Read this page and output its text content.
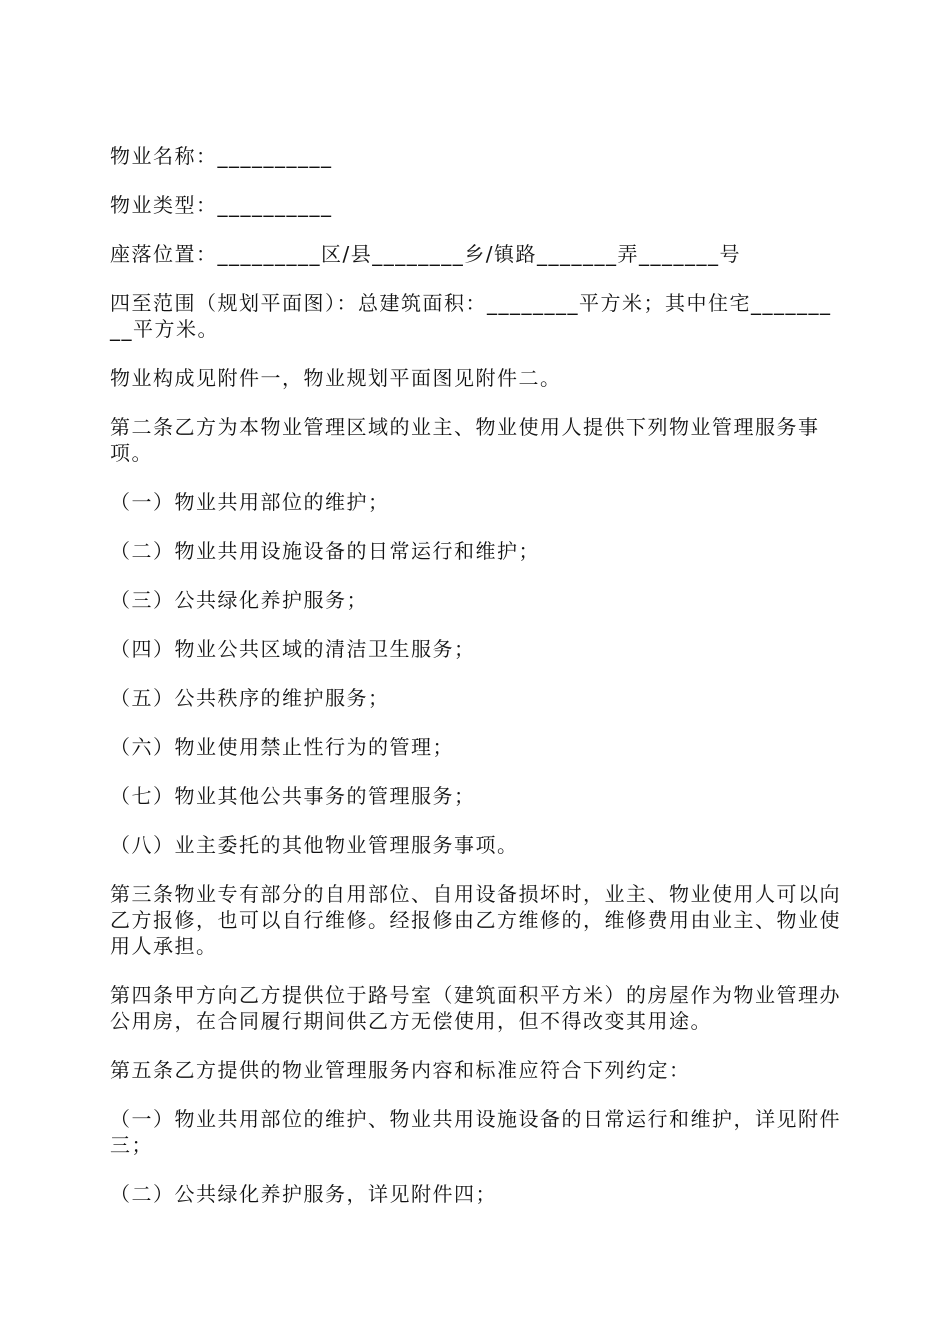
物业名称：__________

物业类型：__________

座落位置：_________区/县________乡/镇路_______弄_______号

四至范围（规划平面图）：总建筑面积：________平方米；其中住宅_________平方米。

物业构成见附件一，物业规划平面图见附件二。

第二条乙方为本物业管理区域的业主、物业使用人提供下列物业管理服务事项。

（一）物业共用部位的维护；

（二）物业共用设施设备的日常运行和维护；

（三）公共绿化养护服务；

（四）物业公共区域的清洁卫生服务；

（五）公共秩序的维护服务；

（六）物业使用禁止性行为的管理；

（七）物业其他公共事务的管理服务；

（八）业主委托的其他物业管理服务事项。

第三条物业专有部分的自用部位、自用设备损坏时，业主、物业使用人可以向乙方报修，也可以自行维修。经报修由乙方维修的，维修费用由业主、物业使用人承担。

第四条甲方向乙方提供位于路号室（建筑面积平方米）的房屋作为物业管理办公用房，在合同履行期间供乙方无偿使用，但不得改变其用途。

第五条乙方提供的物业管理服务内容和标准应符合下列约定：

（一）物业共用部位的维护、物业共用设施设备的日常运行和维护，详见附件三；

（二）公共绿化养护服务，详见附件四；
